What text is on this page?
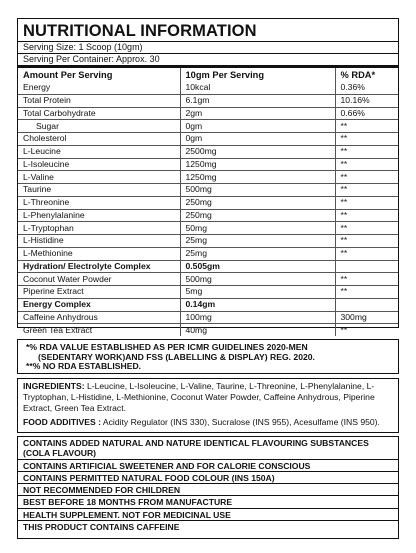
NUTRITIONAL INFORMATION
Serving Size: 1 Scoop (10gm)
Serving Per Container: Approx. 30
Amount Per Serving	10gm Per Serving	% RDA*
Energy	10kcal	0.36%
Total Protein	6.1gm	10.16%
Total Carbohydrate	2gm	0.66%
Sugar	0gm	**
Cholesterol	0gm	**
L-Leucine	2500mg	**
L-Isoleucine	1250mg	**
L-Valine	1250mg	**
Taurine	500mg	**
L-Threonine	250mg	**
L-Phenylalanine	250mg	**
L-Tryptophan	50mg	**
L-Histidine	25mg	**
L-Methionine	25mg	**
Hydration/ Electrolyte Complex	0.505gm	
Coconut Water Powder	500mg	**
Piperine Extract	5mg	**
Energy Complex	0.14gm	
Caffeine Anhydrous	100mg	300mg
Green Tea Extract	40mg	**
*% RDA VALUE ESTABLISHED AS PER ICMR GUIDELINES 2020-MEN
(SEDENTARY WORK)AND FSS (LABELLING & DISPLAY) REG. 2020.
**% NO RDA ESTABLISHED.
INGREDIENTS: L-Leucine, L-Isoleucine, L-Valine, Taurine, L-Threonine, L-Phenylalanine, L-Tryptophan, L-Histidine, L-Methionine, Coconut Water Powder, Caffeine Anhydrous, Piperine Extract, Green Tea Extract.
FOOD ADDITIVES : Acidity Regulator (INS 330), Sucralose (INS 955), Acesulfame (INS 950).
CONTAINS ADDED NATURAL AND NATURE IDENTICAL FLAVOURING SUBSTANCES (COLA FLAVOUR)
CONTAINS ARTIFICIAL SWEETENER AND FOR CALORIE CONSCIOUS
CONTAINS PERMITTED NATURAL FOOD COLOUR (INS 150A)
NOT RECOMMENDED FOR CHILDREN
BEST BEFORE 18 MONTHS FROM MANUFACTURE
HEALTH SUPPLEMENT. NOT FOR MEDICINAL USE
THIS PRODUCT CONTAINS CAFFEINE
